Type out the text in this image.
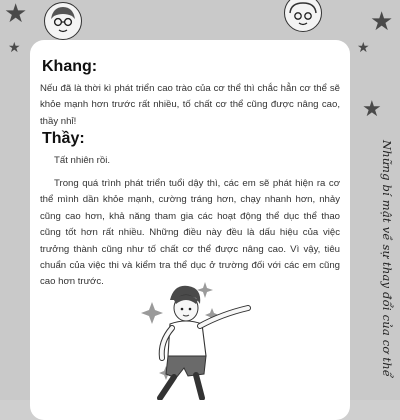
★
★
★
★
★
Khang:
Nếu đã là thời kì phát triển cao trào của cơ thể thì chắc hẳn cơ thể sẽ khỏe mạnh hơn trước rất nhiều, tố chất cơ thể cũng được nâng cao, thầy nhỉ!
Thầy:
Tất nhiên rồi.
Trong quá trình phát triển tuổi dậy thì, các em sẽ phát hiện ra cơ thể mình dần khỏe mạnh, cường tráng hơn, chạy nhanh hơn, nhảy cũng cao hơn, khả năng tham gia các hoạt động thể dục thể thao cũng tốt hơn rất nhiều. Những điều này đều là dấu hiệu của việc trưởng thành cũng như tố chất cơ thể được nâng cao. Vì vậy, tiêu chuẩn của việc thi và kiểm tra thể dục ở trường đối với các em cũng cao hơn trước.	Những bí mật về sự thay đổi của cơ thể
